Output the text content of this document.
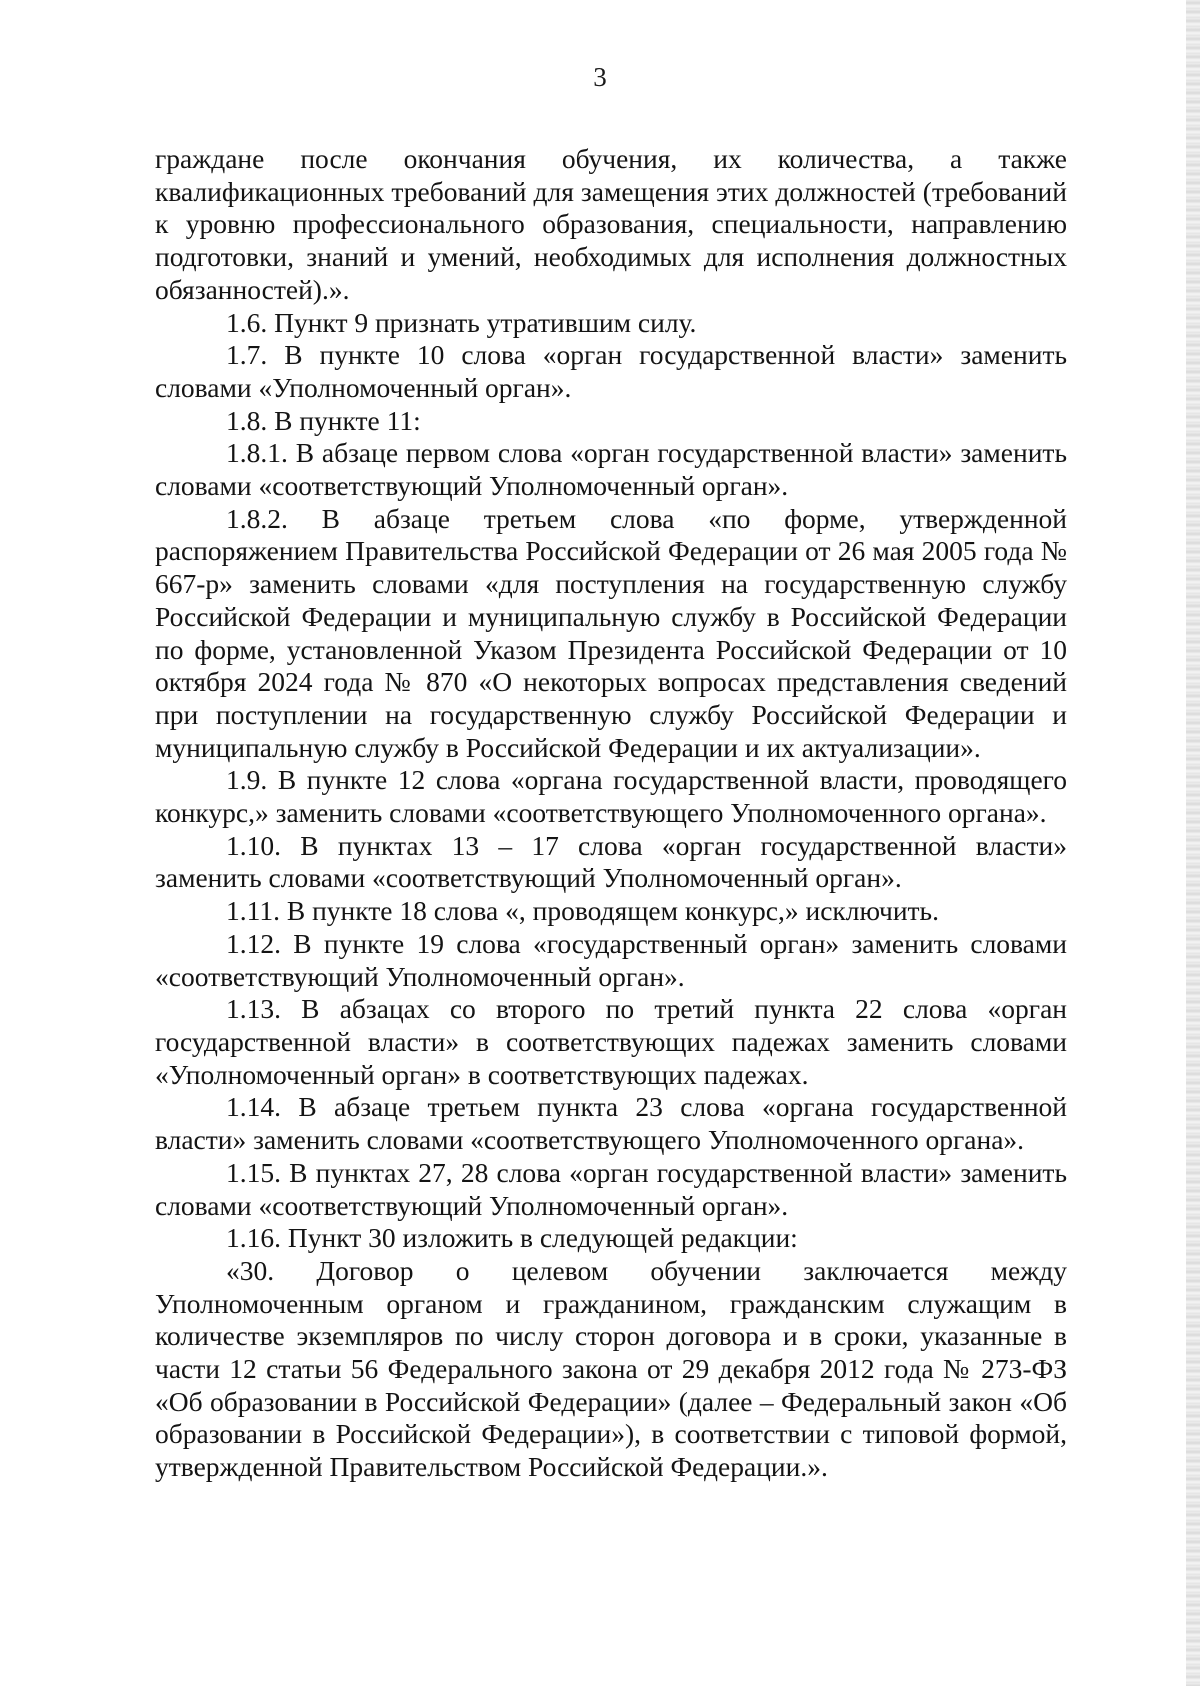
3

граждане после окончания обучения, их количества, а также квалификационных требований для замещения этих должностей (требований к уровню профессионального образования, специальности, направлению подготовки, знаний и умений, необходимых для исполнения должностных обязанностей).».

1.6. Пункт 9 признать утратившим силу.

1.7. В пункте 10 слова «орган государственной власти» заменить словами «Уполномоченный орган».

1.8. В пункте 11:

1.8.1. В абзаце первом слова «орган государственной власти» заменить словами «соответствующий Уполномоченный орган».

1.8.2. В абзаце третьем слова «по форме, утвержденной распоряжением Правительства Российской Федерации от 26 мая 2005 года № 667-р» заменить словами «для поступления на государственную службу Российской Федерации и муниципальную службу в Российской Федерации по форме, установленной Указом Президента Российской Федерации от 10 октября 2024 года № 870 «О некоторых вопросах представления сведений при поступлении на государственную службу Российской Федерации и муниципальную службу в Российской Федерации и их актуализации».

1.9. В пункте 12 слова «органа государственной власти, проводящего конкурс,» заменить словами «соответствующего Уполномоченного органа».

1.10. В пунктах 13 – 17 слова «орган государственной власти» заменить словами «соответствующий Уполномоченный орган».

1.11. В пункте 18 слова «, проводящем конкурс,» исключить.

1.12. В пункте 19 слова «государственный орган» заменить словами «соответствующий Уполномоченный орган».

1.13. В абзацах со второго по третий пункта 22 слова «орган государственной власти» в соответствующих падежах заменить словами «Уполномоченный орган» в соответствующих падежах.

1.14. В абзаце третьем пункта 23 слова «органа государственной власти» заменить словами «соответствующего Уполномоченного органа».

1.15. В пунктах 27, 28 слова «орган государственной власти» заменить словами «соответствующий Уполномоченный орган».

1.16. Пункт 30 изложить в следующей редакции:

«30. Договор о целевом обучении заключается между Уполномоченным органом и гражданином, гражданским служащим в количестве экземпляров по числу сторон договора и в сроки, указанные в части 12 статьи 56 Федерального закона от 29 декабря 2012 года № 273-ФЗ «Об образовании в Российской Федерации» (далее – Федеральный закон «Об образовании в Российской Федерации»), в соответствии с типовой формой, утвержденной Правительством Российской Федерации.».
